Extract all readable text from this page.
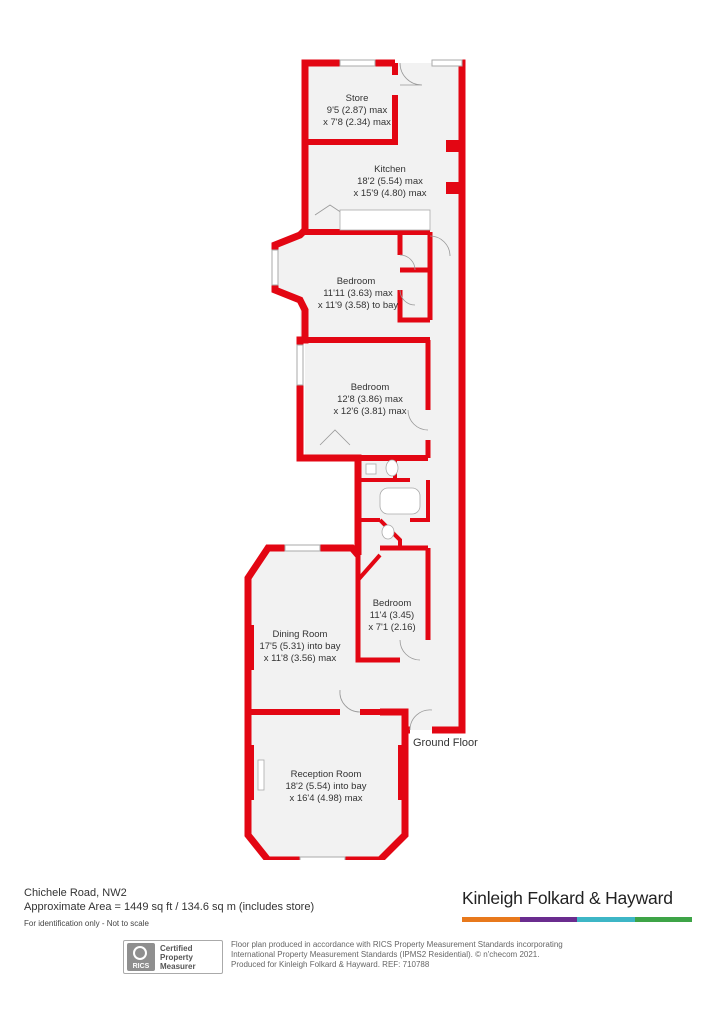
Store
9'5 (2.87) max
x 7'8 (2.34) max
Kitchen
18'2 (5.54) max
x 15'9 (4.80) max
Bedroom
11'11 (3.63) max
x 11'9 (3.58) to bay
Bedroom
12'8 (3.86) max
x 12'6 (3.81) max
Bedroom
11'4 (3.45)
x 7'1 (2.16)
Dining Room
17'5 (5.31) into bay
x 11'8 (3.56) max
Reception Room
18'2 (5.54) into bay
x 16'4 (4.98) max
Ground Floor
Chichele Road, NW2
Approximate Area = 1449 sq ft / 134.6 sq m (includes store)
For identification only - Not to scale
Kinleigh Folkard & Hayward
RICS
Certified
Property
Measurer
Floor plan produced in accordance with RICS Property Measurement Standards incorporating
International Property Measurement Standards (IPMS2 Residential). © n'checom 2021.
Produced for Kinleigh Folkard & Hayward. REF: 710788
